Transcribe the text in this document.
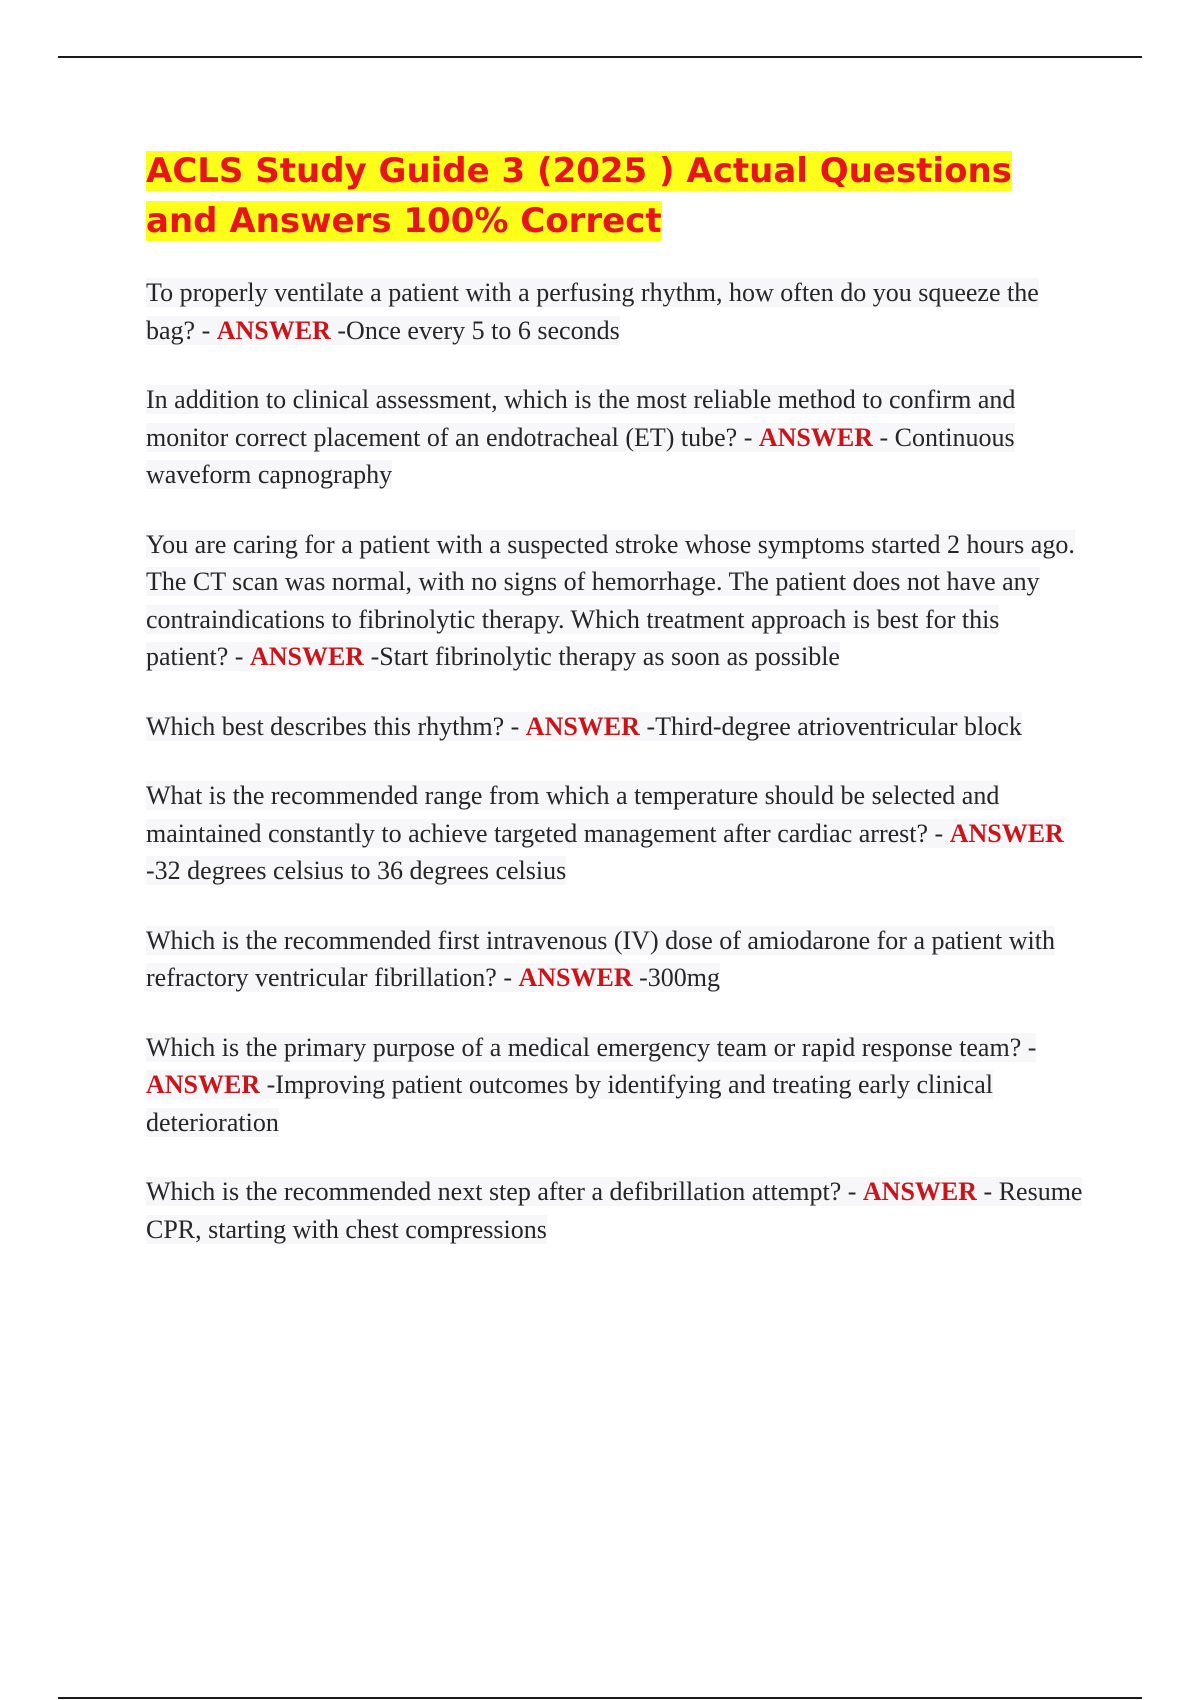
ACLS Study Guide 3 (2025 ) Actual Questions and Answers 100% Correct

To properly ventilate a patient with a perfusing rhythm, how often do you squeeze the bag? - ANSWER -Once every 5 to 6 seconds

In addition to clinical assessment, which is the most reliable method to confirm and monitor correct placement of an endotracheal (ET) tube? - ANSWER - Continuous waveform capnography

You are caring for a patient with a suspected stroke whose symptoms started 2 hours ago. The CT scan was normal, with no signs of hemorrhage. The patient does not have any contraindications to fibrinolytic therapy. Which treatment approach is best for this patient? - ANSWER -Start fibrinolytic therapy as soon as possible

Which best describes this rhythm? - ANSWER -Third-degree atrioventricular block

What is the recommended range from which a temperature should be selected and maintained constantly to achieve targeted management after cardiac arrest? - ANSWER -32 degrees celsius to 36 degrees celsius

Which is the recommended first intravenous (IV) dose of amiodarone for a patient with refractory ventricular fibrillation? - ANSWER -300mg

Which is the primary purpose of a medical emergency team or rapid response team? - ANSWER -Improving patient outcomes by identifying and treating early clinical deterioration

Which is the recommended next step after a defibrillation attempt? - ANSWER - Resume CPR, starting with chest compressions
